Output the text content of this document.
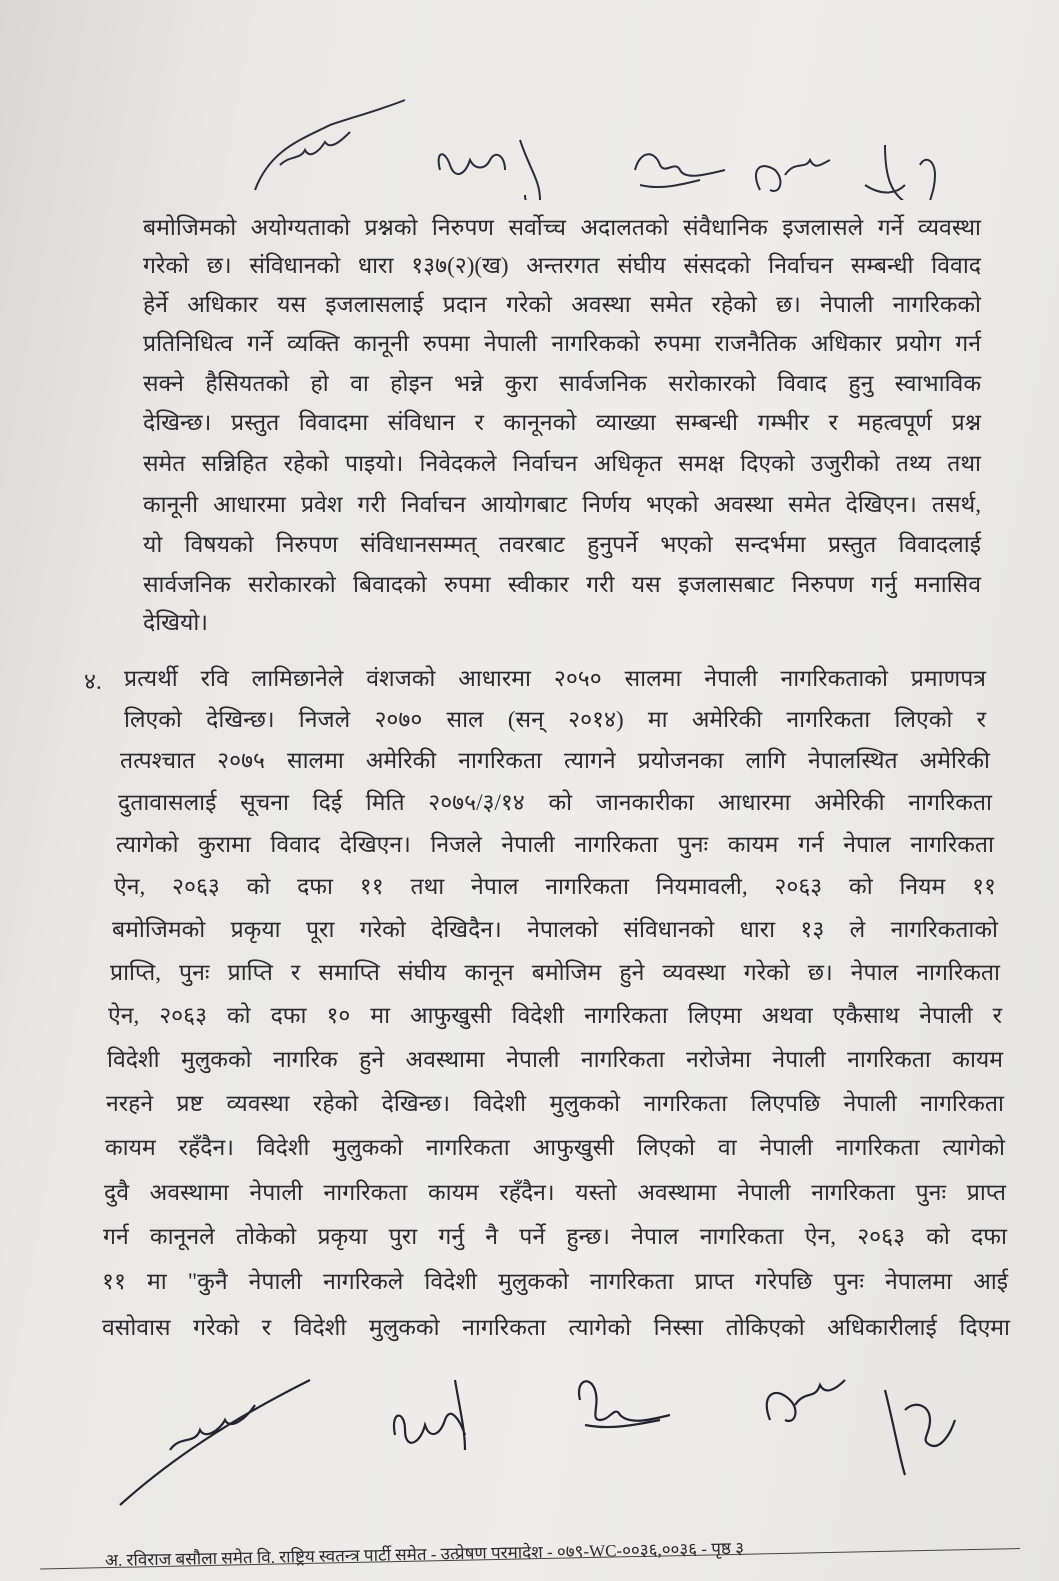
बमोजिमको अयोग्यताको प्रश्नको निरुपण सर्वोच्च अदालतको संवैधानिक इजलासले गर्ने व्यवस्था
गरेको छ। संविधानको धारा १३७(२)(ख) अन्तरगत संघीय संसदको निर्वाचन सम्बन्धी विवाद
हेर्ने अधिकार यस इजलासलाई प्रदान गरेको अवस्था समेत रहेको छ। नेपाली नागरिकको
प्रतिनिधित्व गर्ने व्यक्ति कानूनी रुपमा नेपाली नागरिकको रुपमा राजनैतिक अधिकार प्रयोग गर्न
सक्ने हैसियतको हो वा होइन भन्ने कुरा सार्वजनिक सरोकारको विवाद हुनु स्वाभाविक
देखिन्छ। प्रस्तुत विवादमा संविधान र कानूनको व्याख्या सम्बन्धी गम्भीर र महत्वपूर्ण प्रश्न
समेत सन्निहित रहेको पाइयो। निवेदकले निर्वाचन अधिकृत समक्ष दिएको उजुरीको तथ्य तथा
कानूनी आधारमा प्रवेश गरी निर्वाचन आयोगबाट निर्णय भएको अवस्था समेत देखिएन। तसर्थ,
यो विषयको निरुपण संविधानसम्मत् तवरबाट हुनुपर्ने भएको सन्दर्भमा प्रस्तुत विवादलाई
सार्वजनिक सरोकारको बिवादको रुपमा स्वीकार गरी यस इजलासबाट निरुपण गर्नु मनासिव
देखियो।
४. प्रत्यर्थी रवि लामिछानेले वंशजको आधारमा २०५० सालमा नेपाली नागरिकताको प्रमाणपत्र
लिएको देखिन्छ। निजले २०७० साल (सन् २०१४) मा अमेरिकी नागरिकता लिएको र
तत्पश्चात २०७५ सालमा अमेरिकी नागरिकता त्यागने प्रयोजनका लागि नेपालस्थित अमेरिकी
दुतावासलाई सूचना दिई मिति २०७५/३/१४ को जानकारीका आधारमा अमेरिकी नागरिकता
त्यागेको कुरामा विवाद देखिएन। निजले नेपाली नागरिकता पुनः कायम गर्न नेपाल नागरिकता
ऐन, २०६३ को दफा ११ तथा नेपाल नागरिकता नियमावली, २०६३ को नियम ११
बमोजिमको प्रकृया पूरा गरेको देखिदैन। नेपालको संविधानको धारा १३ ले नागरिकताको
प्राप्ति, पुनः प्राप्ति र समाप्ति संघीय कानून बमोजिम हुने व्यवस्था गरेको छ। नेपाल नागरिकता
ऐन, २०६३ को दफा १० मा आफुखुसी विदेशी नागरिकता लिएमा अथवा एकैसाथ नेपाली र
विदेशी मुलुकको नागरिक हुने अवस्थामा नेपाली नागरिकता नरोजेमा नेपाली नागरिकता कायम
नरहने प्रष्ट व्यवस्था रहेको देखिन्छ। विदेशी मुलुकको नागरिकता लिएपछि नेपाली नागरिकता
कायम रहँदैन। विदेशी मुलुकको नागरिकता आफुखुसी लिएको वा नेपाली नागरिकता त्यागेको
दुवै अवस्थामा नेपाली नागरिकता कायम रहँदैन। यस्तो अवस्थामा नेपाली नागरिकता पुनः प्राप्त
गर्न कानूनले तोकेको प्रकृया पुरा गर्नु नै पर्ने हुन्छ। नेपाल नागरिकता ऐन, २०६३ को दफा
११ मा "कुनै नेपाली नागरिकले विदेशी मुलुकको नागरिकता प्राप्त गरेपछि पुनः नेपालमा आई
वसोवास गरेको र विदेशी मुलुकको नागरिकता त्यागेको निस्सा तोकिएको अधिकारीलाई दिएमा
अ. रविराज बसौला समेत वि. राष्ट्रिय स्वतन्त्र पार्टी समेत - उत्प्रेषण परमादेश - ०७९-WC-००३६,००३६ - पृष्ठ ३
